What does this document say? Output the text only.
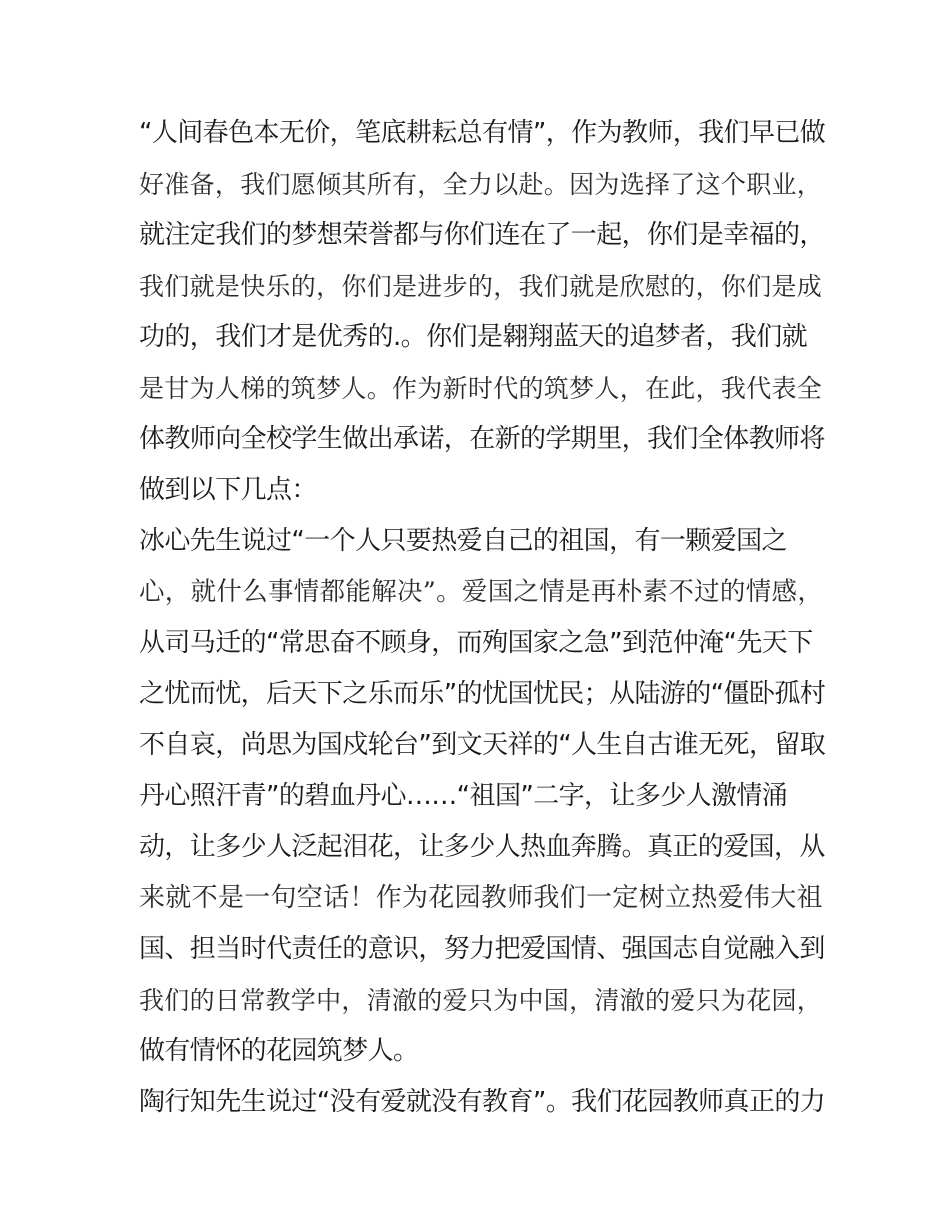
“人间春色本无价，笔底耕耘总有情”，作为教师，我们早已做
好准备，我们愿倾其所有，全力以赴。因为选择了这个职业，
就注定我们的梦想荣誉都与你们连在了一起，你们是幸福的，
我们就是快乐的，你们是进步的，我们就是欣慰的，你们是成
功的，我们才是优秀的.。你们是翱翔蓝天的追梦者，我们就
是甘为人梯的筑梦人。作为新时代的筑梦人，在此，我代表全
体教师向全校学生做出承诺，在新的学期里，我们全体教师将
做到以下几点：
冰心先生说过“一个人只要热爱自己的祖国，有一颗爱国之
心，就什么事情都能解决”。爱国之情是再朴素不过的情感，
从司马迁的“常思奋不顾身，而殉国家之急”到范仲淹“先天下
之忧而忧，后天下之乐而乐”的忧国忧民；从陆游的“僵卧孤村
不自哀，尚思为国戍轮台”到文天祥的“人生自古谁无死，留取
丹心照汗青”的碧血丹心……“祖国”二字，让多少人激情涌
动，让多少人泛起泪花，让多少人热血奔腾。真正的爱国，从
来就不是一句空话！作为花园教师我们一定树立热爱伟大祖
国、担当时代责任的意识，努力把爱国情、强国志自觉融入到
我们的日常教学中，清澈的爱只为中国，清澈的爱只为花园，
做有情怀的花园筑梦人。
陶行知先生说过“没有爱就没有教育”。我们花园教师真正的力
